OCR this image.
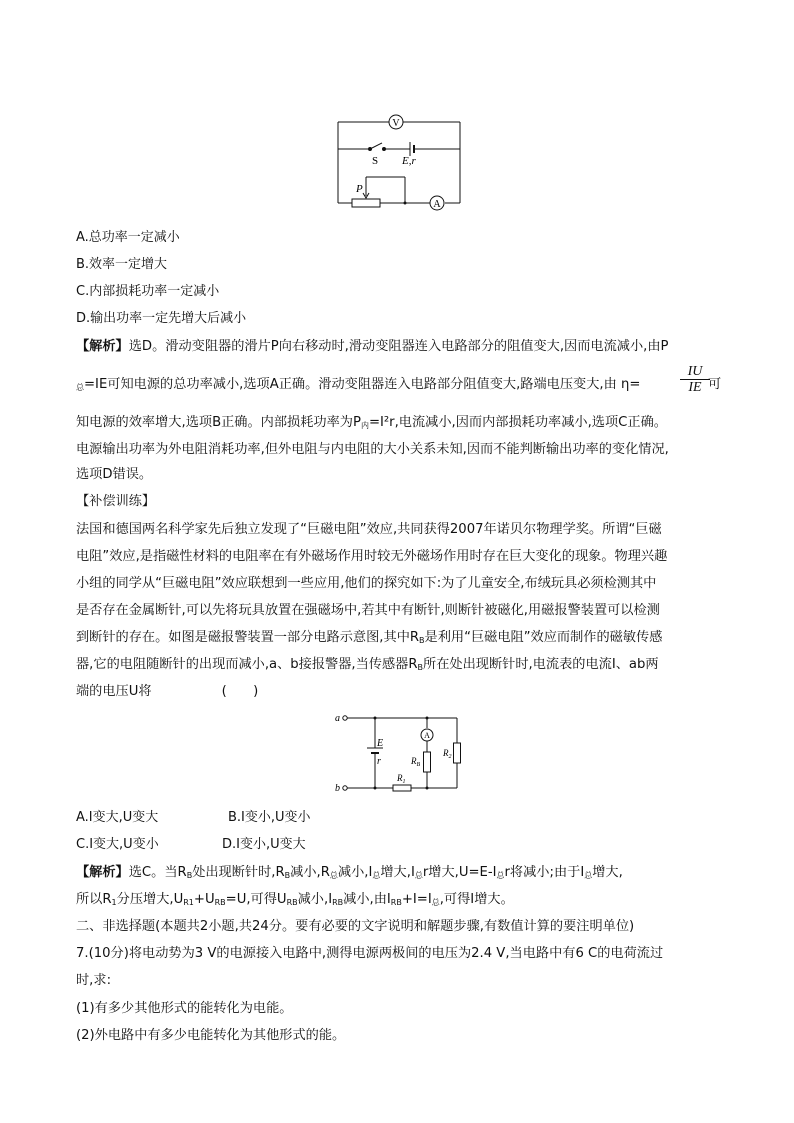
V
A
S E,r
P
A.总功率一定减小
B.效率一定增大
C.内部损耗功率一定减小
D.输出功率一定先增大后减小
【解析】选D。滑动变阻器的滑片P向右移动时,滑动变阻器连入电路部分的阻值变大,因而电流减小,由P
$_总$=IE可知电源的总功率减小,选项A正确。滑动变阻器连入电路部分阻值变大,路端电压变大,由 η=	$\frac{IU}{IE}$
可
知电源的效率增大,选项B正确。内部损耗功率为$P_内=I^2r$,电流减小,因而内部损耗功率减小,选项C正确。
电源输出功率为外电阻消耗功率,但外电阻与内电阻的大小关系未知,因而不能判断输出功率的变化情况,
选项D错误。
【补偿训练】
法国和德国两名科学家先后独立发现了“巨磁电阻”效应,共同获得2007年诺贝尔物理学奖。所谓“巨磁
电阻”效应,是指磁性材料的电阻率在有外磁场作用时较无外磁场作用时存在巨大变化的现象。物理兴趣
小组的同学从“巨磁电阻”效应联想到一些应用,他们的探究如下:为了儿童安全,布绒玩具必须检测其中
是否存在金属断针,可以先将玩具放置在强磁场中,若其中有断针,则断针被磁化,用磁报警装置可以检测
到断针的存在。如图是磁报警装置一部分电路示意图,其中$R_B$是利用“巨磁电阻”效应而制作的磁敏传感
器,它的电阻随断针的出现而减小,a、b接报警器,当传感器$R_B$所在处出现断针时,电流表的电流I、ab两
端的电压U将	(　　)
a
b
E
r
A
$R_B$
$R_2$
$R_1$
A.I变大,U变大	B.I变小,U变小
C.I变大,U变小	D.I变小,U变大
【解析】选C。当$R_B$处出现断针时$,R_B$减小$,R_总$减小$,I_总$增大$,I_总r$增大$,U=E-I_总r$将减小;由于$I_总$增大,
所以$R_1$分压增大$,U_{R1}+U_{RB}=U$,可得$U_{RB}$减小$,I_{RB}$减小,由$I_{RB}+I=I_总$,可得I增大。
二、非选择题(本题共2小题,共24分。要有必要的文字说明和解题步骤,有数值计算的要注明单位)
7.(10分)将电动势为3 V的电源接入电路中,测得电源两极间的电压为2.4 V,当电路中有6 C的电荷流过
时,求:
(1)有多少其他形式的能转化为电能。
(2)外电路中有多少电能转化为其他形式的能。
